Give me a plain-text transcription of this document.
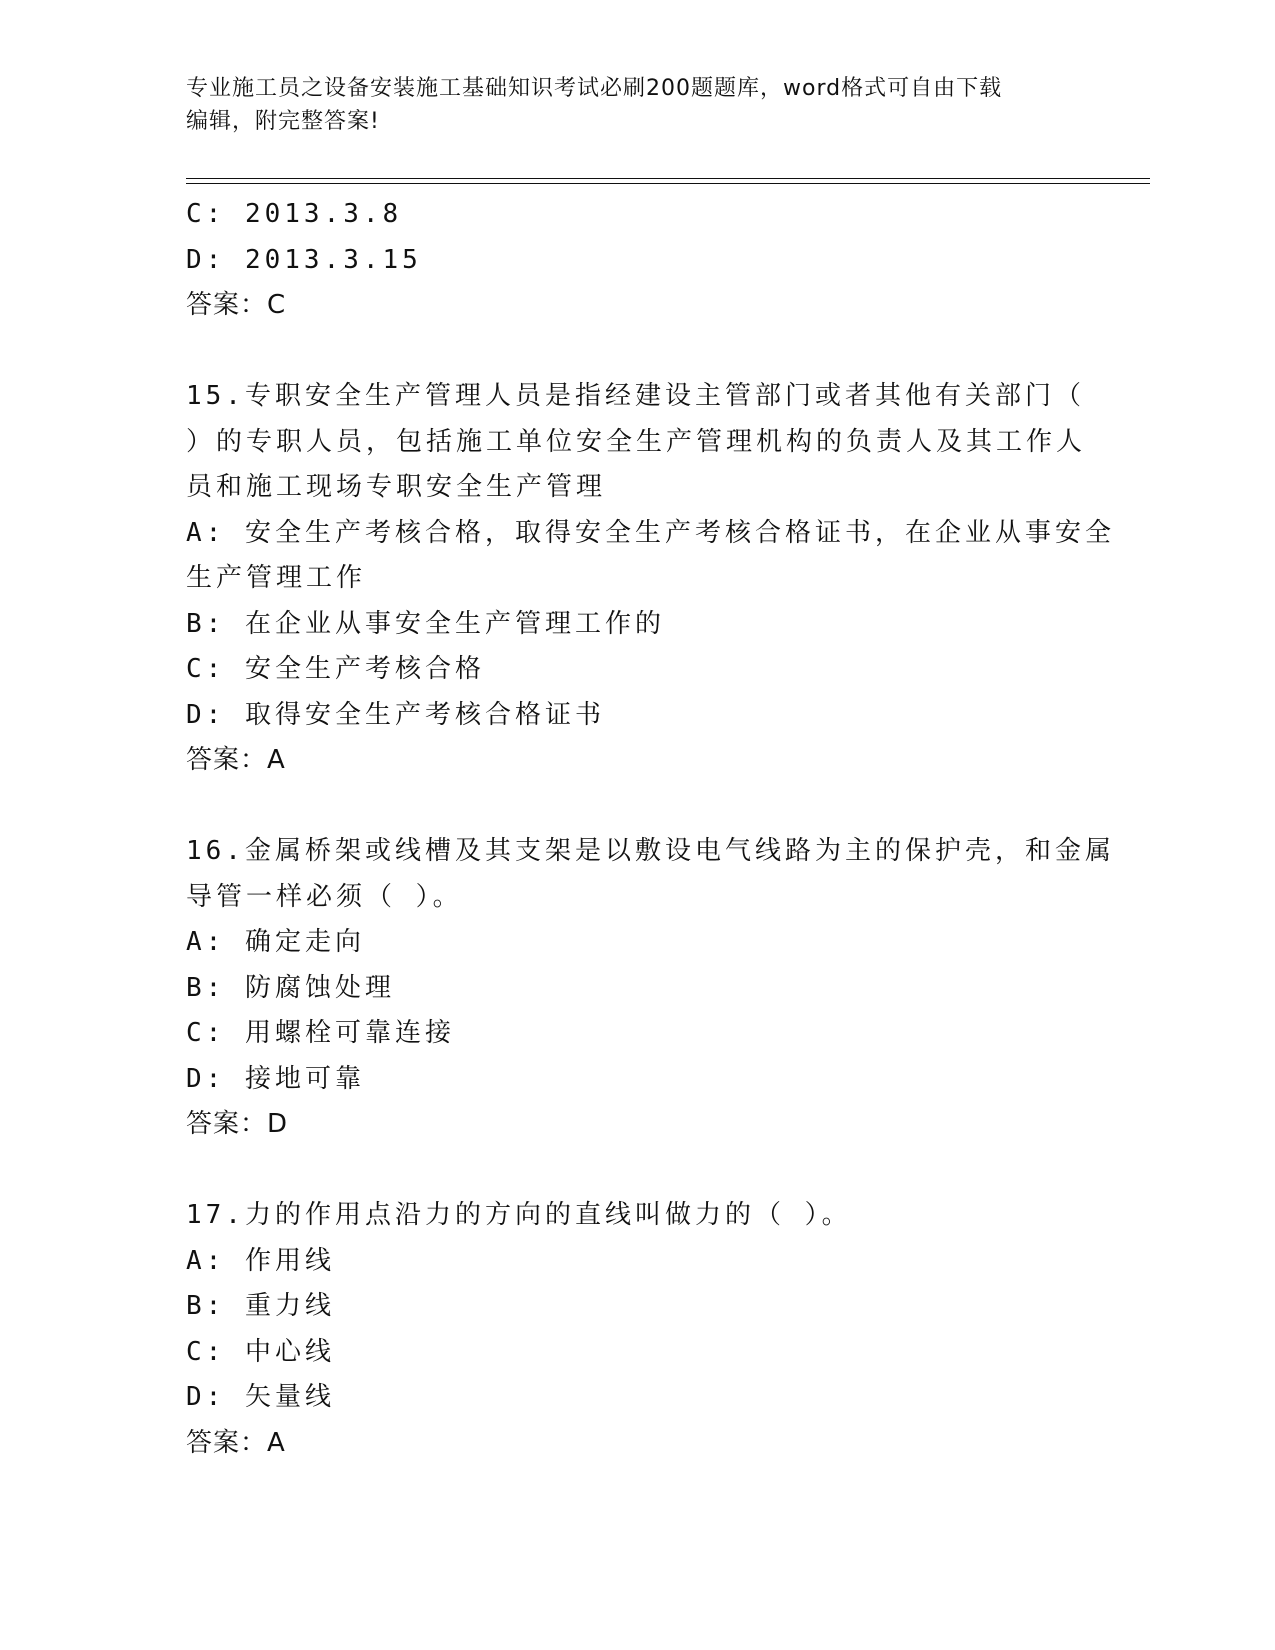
专业施工员之设备安装施工基础知识考试必刷200题题库，word格式可自由下载
编辑，附完整答案!
C: 2013.3.8
D: 2013.3.15
答案：C
15.专职安全生产管理人员是指经建设主管部门或者其他有关部门（
）的专职人员，包括施工单位安全生产管理机构的负责人及其工作人
员和施工现场专职安全生产管理
A: 安全生产考核合格，取得安全生产考核合格证书，在企业从事安全
生产管理工作
B: 在企业从事安全生产管理工作的
C: 安全生产考核合格
D: 取得安全生产考核合格证书
答案：A
16.金属桥架或线槽及其支架是以敷设电气线路为主的保护壳，和金属
导管一样必须（ ）。
A: 确定走向
B: 防腐蚀处理
C: 用螺栓可靠连接
D: 接地可靠
答案：D
17.力的作用点沿力的方向的直线叫做力的（ ）。
A: 作用线
B: 重力线
C: 中心线
D: 矢量线
答案：A
